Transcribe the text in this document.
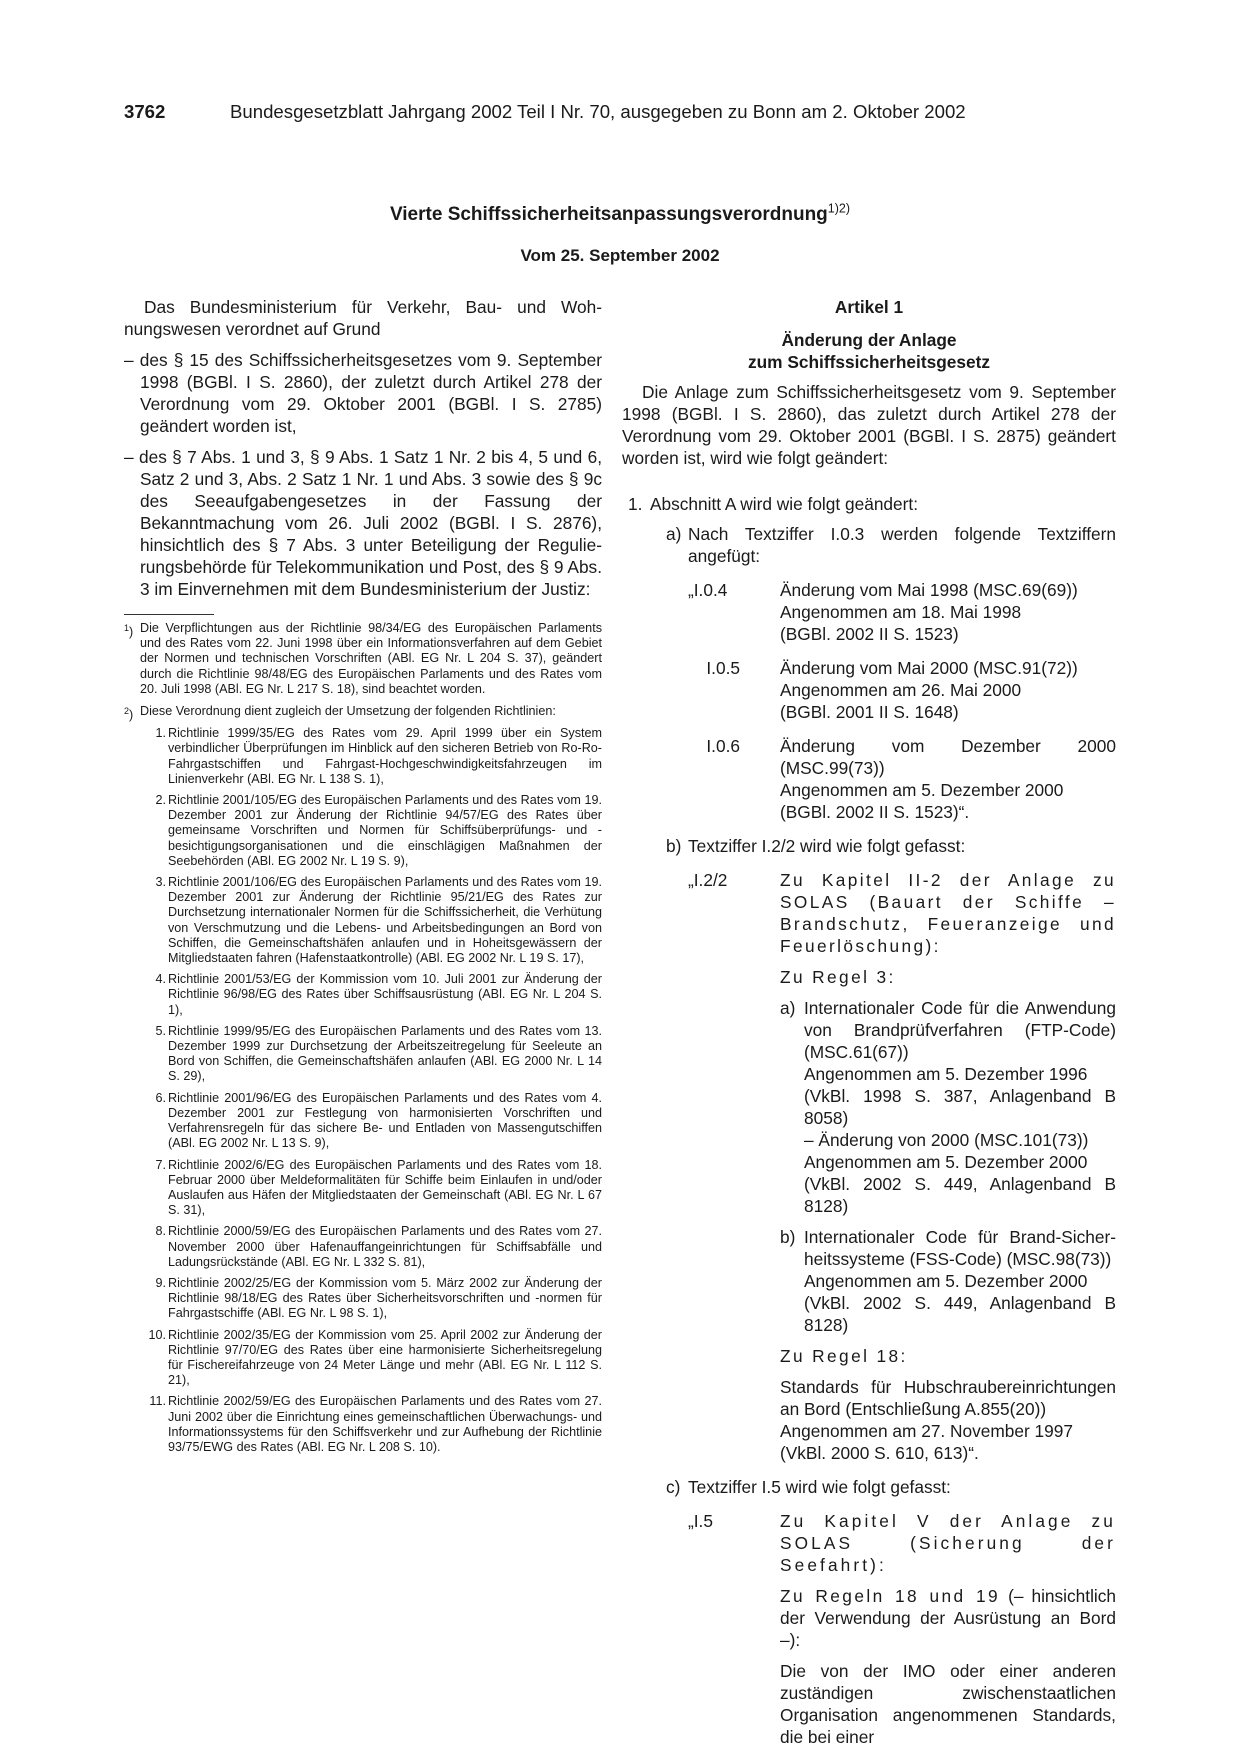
3762	Bundesgesetzblatt Jahrgang 2002 Teil I Nr. 70, ausgegeben zu Bonn am 2. Oktober 2002
Vierte Schiffssicherheitsanpassungsverordnung$^{1)2)}$
Vom 25. September 2002
Das Bundesministerium für Verkehr, Bau- und Wohnungswesen verordnet auf Grund
– des § 15 des Schiffssicherheitsgesetzes vom 9. September 1998 (BGBl. I S. 2860), der zuletzt durch Artikel 278 der Verordnung vom 29. Oktober 2001 (BGBl. I S. 2785) geändert worden ist,
– des § 7 Abs. 1 und 3, § 9 Abs. 1 Satz 1 Nr. 2 bis 4, 5 und 6, Satz 2 und 3, Abs. 2 Satz 1 Nr. 1 und Abs. 3 sowie des § 9c des Seeaufgabengesetzes in der Fassung der Bekanntmachung vom 26. Juli 2002 (BGBl. I S. 2876), hinsichtlich des § 7 Abs. 3 unter Beteiligung der Regulierungsbehörde für Telekommunikation und Post, des § 9 Abs. 3 im Einvernehmen mit dem Bundesministerium der Justiz:
$^1$) Die Verpflichtungen aus der Richtlinie 98/34/EG des Europäischen Parlaments und des Rates vom 22. Juni 1998 über ein Informationsverfahren auf dem Gebiet der Normen und technischen Vorschriften (ABl. EG Nr. L 204 S. 37), geändert durch die Richtlinie 98/48/EG des Europäischen Parlaments und des Rates vom 20. Juli 1998 (ABl. EG Nr. L 217 S. 18), sind beachtet worden.
$^2$) Diese Verordnung dient zugleich der Umsetzung der folgenden Richtlinien:
1. Richtlinie 1999/35/EG des Rates vom 29. April 1999 über ein System verbindlicher Überprüfungen im Hinblick auf den sicheren Betrieb von Ro-Ro-Fahrgastschiffen und Fahrgast-Hochgeschwindigkeitsfahrzeugen im Linienverkehr (ABl. EG Nr. L 138 S. 1),
2. Richtlinie 2001/105/EG des Europäischen Parlaments und des Rates vom 19. Dezember 2001 zur Änderung der Richtlinie 94/57/EG des Rates über gemeinsame Vorschriften und Normen für Schiffsüberprüfungs- und -besichtigungsorganisationen und die einschlägigen Maßnahmen der Seebehörden (ABl. EG 2002 Nr. L 19 S. 9),
3. Richtlinie 2001/106/EG des Europäischen Parlaments und des Rates vom 19. Dezember 2001 zur Änderung der Richtlinie 95/21/EG des Rates zur Durchsetzung internationaler Normen für die Schiffssicherheit, die Verhütung von Verschmutzung und die Lebens- und Arbeitsbedingungen an Bord von Schiffen, die Gemeinschaftshäfen anlaufen und in Hoheitsgewässern der Mitgliedstaaten fahren (Hafenstaatkontrolle) (ABl. EG 2002 Nr. L 19 S. 17),
4. Richtlinie 2001/53/EG der Kommission vom 10. Juli 2001 zur Änderung der Richtlinie 96/98/EG des Rates über Schiffsausrüstung (ABl. EG Nr. L 204 S. 1),
5. Richtlinie 1999/95/EG des Europäischen Parlaments und des Rates vom 13. Dezember 1999 zur Durchsetzung der Arbeitszeitregelung für Seeleute an Bord von Schiffen, die Gemeinschaftshäfen anlaufen (ABl. EG 2000 Nr. L 14 S. 29),
6. Richtlinie 2001/96/EG des Europäischen Parlaments und des Rates vom 4. Dezember 2001 zur Festlegung von harmonisierten Vorschriften und Verfahrensregeln für das sichere Be- und Entladen von Massengutschiffen (ABl. EG 2002 Nr. L 13 S. 9),
7. Richtlinie 2002/6/EG des Europäischen Parlaments und des Rates vom 18. Februar 2000 über Meldeformalitäten für Schiffe beim Einlaufen in und/oder Auslaufen aus Häfen der Mitgliedstaaten der Gemeinschaft (ABl. EG Nr. L 67 S. 31),
8. Richtlinie 2000/59/EG des Europäischen Parlaments und des Rates vom 27. November 2000 über Hafenauffangeinrichtungen für Schiffsabfälle und Ladungsrückstände (ABl. EG Nr. L 332 S. 81),
9. Richtlinie 2002/25/EG der Kommission vom 5. März 2002 zur Änderung der Richtlinie 98/18/EG des Rates über Sicherheitsvorschriften und -normen für Fahrgastschiffe (ABl. EG Nr. L 98 S. 1),
10. Richtlinie 2002/35/EG der Kommission vom 25. April 2002 zur Änderung der Richtlinie 97/70/EG des Rates über eine harmonisierte Sicherheitsregelung für Fischereifahrzeuge von 24 Meter Länge und mehr (ABl. EG Nr. L 112 S. 21),
11. Richtlinie 2002/59/EG des Europäischen Parlaments und des Rates vom 27. Juni 2002 über die Einrichtung eines gemeinschaftlichen Überwachungs- und Informationssystems für den Schiffsverkehr und zur Aufhebung der Richtlinie 93/75/EWG des Rates (ABl. EG Nr. L 208 S. 10).
Artikel 1
Änderung der Anlage
zum Schiffssicherheitsgesetz
Die Anlage zum Schiffssicherheitsgesetz vom 9. September 1998 (BGBl. I S. 2860), das zuletzt durch Artikel 278 der Verordnung vom 29. Oktober 2001 (BGBl. I S. 2875) geändert worden ist, wird wie folgt geändert:
1. Abschnitt A wird wie folgt geändert:
a) Nach Textziffer I.0.3 werden folgende Textziffern angefügt:
„I.0.4	Änderung vom Mai 1998 (MSC.69(69))
Angenommen am 18. Mai 1998
(BGBl. 2002 II S. 1523)
I.0.5 Änderung vom Mai 2000 (MSC.91(72))
Angenommen am 26. Mai 2000
(BGBl. 2001 II S. 1648)
I.0.6 Änderung vom Dezember 2000 (MSC.99(73))
Angenommen am 5. Dezember 2000
(BGBl. 2002 II S. 1523)“.
b) Textziffer I.2/2 wird wie folgt gefasst:
„I.2/2	Zu Kapitel II-2 der Anlage zu SOLAS (Bauart der Schiffe – Brandschutz, Feueranzeige und Feuerlöschung):
Zu Regel 3:
a) Internationaler Code für die Anwendung von Brandprüfverfahren (FTP-Code) (MSC.61(67))
Angenommen am 5. Dezember 1996
(VkBl. 1998 S. 387, Anlagenband B 8058)
– Änderung von 2000 (MSC.101(73))
Angenommen am 5. Dezember 2000
(VkBl. 2002 S. 449, Anlagenband B 8128)
b) Internationaler Code für Brand-Sicherheitssysteme (FSS-Code) (MSC.98(73))
Angenommen am 5. Dezember 2000
(VkBl. 2002 S. 449, Anlagenband B 8128)
Zu Regel 18:
Standards für Hubschraubereinrichtungen an Bord (Entschließung A.855(20))
Angenommen am 27. November 1997
(VkBl. 2000 S. 610, 613)“.
c) Textziffer I.5 wird wie folgt gefasst:
„I.5	Zu Kapitel V der Anlage zu SOLAS (Sicherung der Seefahrt):
Zu Regeln 18 und 19 (– hinsichtlich der Verwendung der Ausrüstung an Bord –):
Die von der IMO oder einer anderen zuständigen zwischenstaatlichen Organisation angenommenen Standards, die bei einer
